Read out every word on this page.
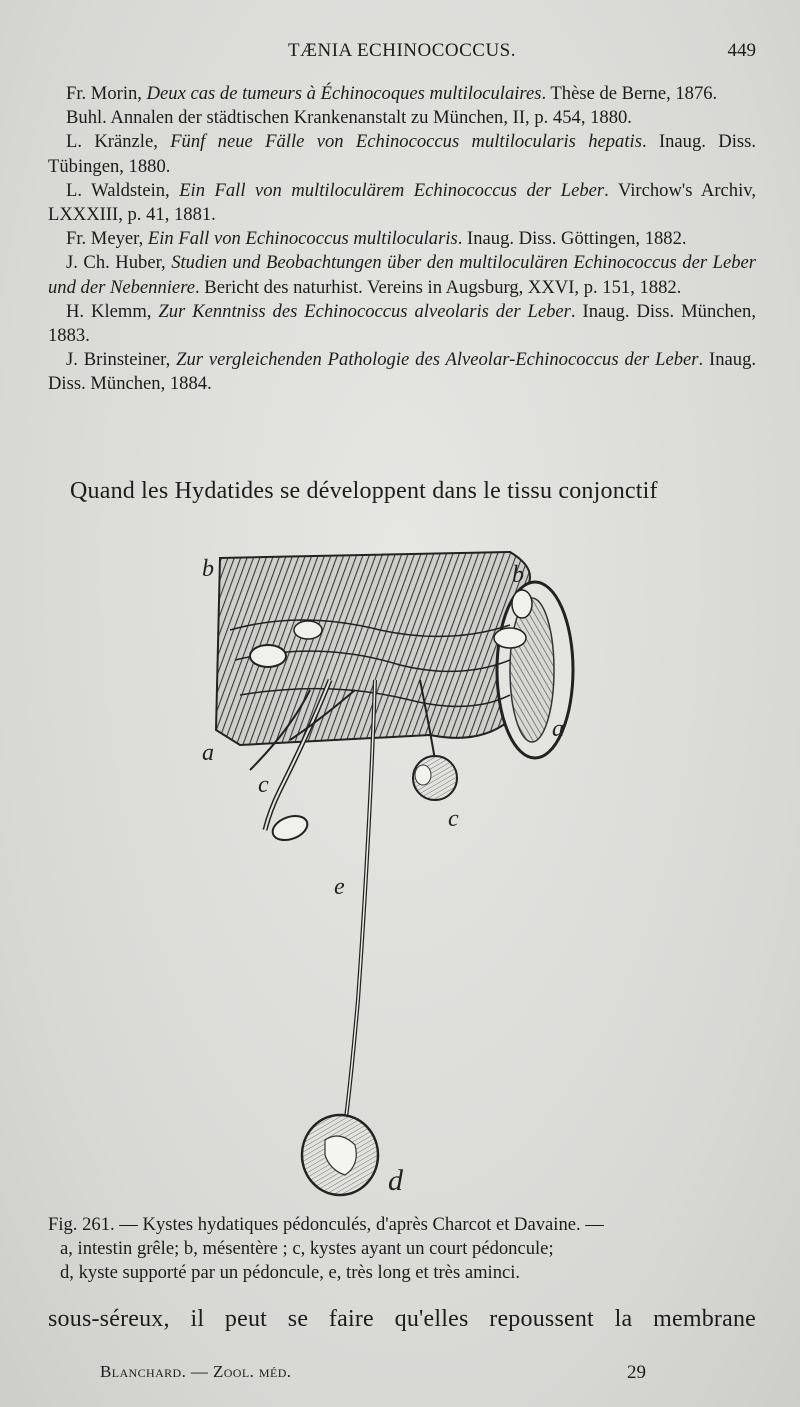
TÆNIA ECHINOCOCCUS.	449

Fr. Morin, Deux cas de tumeurs à Échinocoques multiloculaires. Thèse de Berne, 1876.

Buhl. Annalen der städtischen Krankenanstalt zu München, II, p. 454, 1880.

L. Kränzle, Fünf neue Fälle von Echinococcus multilocularis hepatis. Inaug. Diss. Tübingen, 1880.

L. Waldstein, Ein Fall von multiloculärem Echinococcus der Leber. Virchow's Archiv, LXXXIII, p. 41, 1881.

Fr. Meyer, Ein Fall von Echinococcus multilocularis. Inaug. Diss. Göttingen, 1882.

J. Ch. Huber, Studien und Beobachtungen über den multiloculären Echinococcus der Leber und der Nebenniere. Bericht des naturhist. Vereins in Augsburg, XXVI, p. 151, 1882.

H. Klemm, Zur Kenntniss des Echinococcus alveolaris der Leber. Inaug. Diss. München, 1883.

J. Brinsteiner, Zur vergleichenden Pathologie des Alveolar-Echinococcus der Leber. Inaug. Diss. München, 1884.

Quand les Hydatides se développent dans le tissu conjonctif
b	b
a
a
c
c
e
d

Fig. 261. — Kystes hydatiques pédonculés, d'après Charcot et Davaine. —

a, intestin grêle; b, mésentère ; c, kystes ayant un court pédoncule;

d, kyste supporté par un pédoncule, e, très long et très aminci.

sous-séreux, il peut se faire qu'elles repoussent la membrane
Blanchard. — Zool. méd.	29
